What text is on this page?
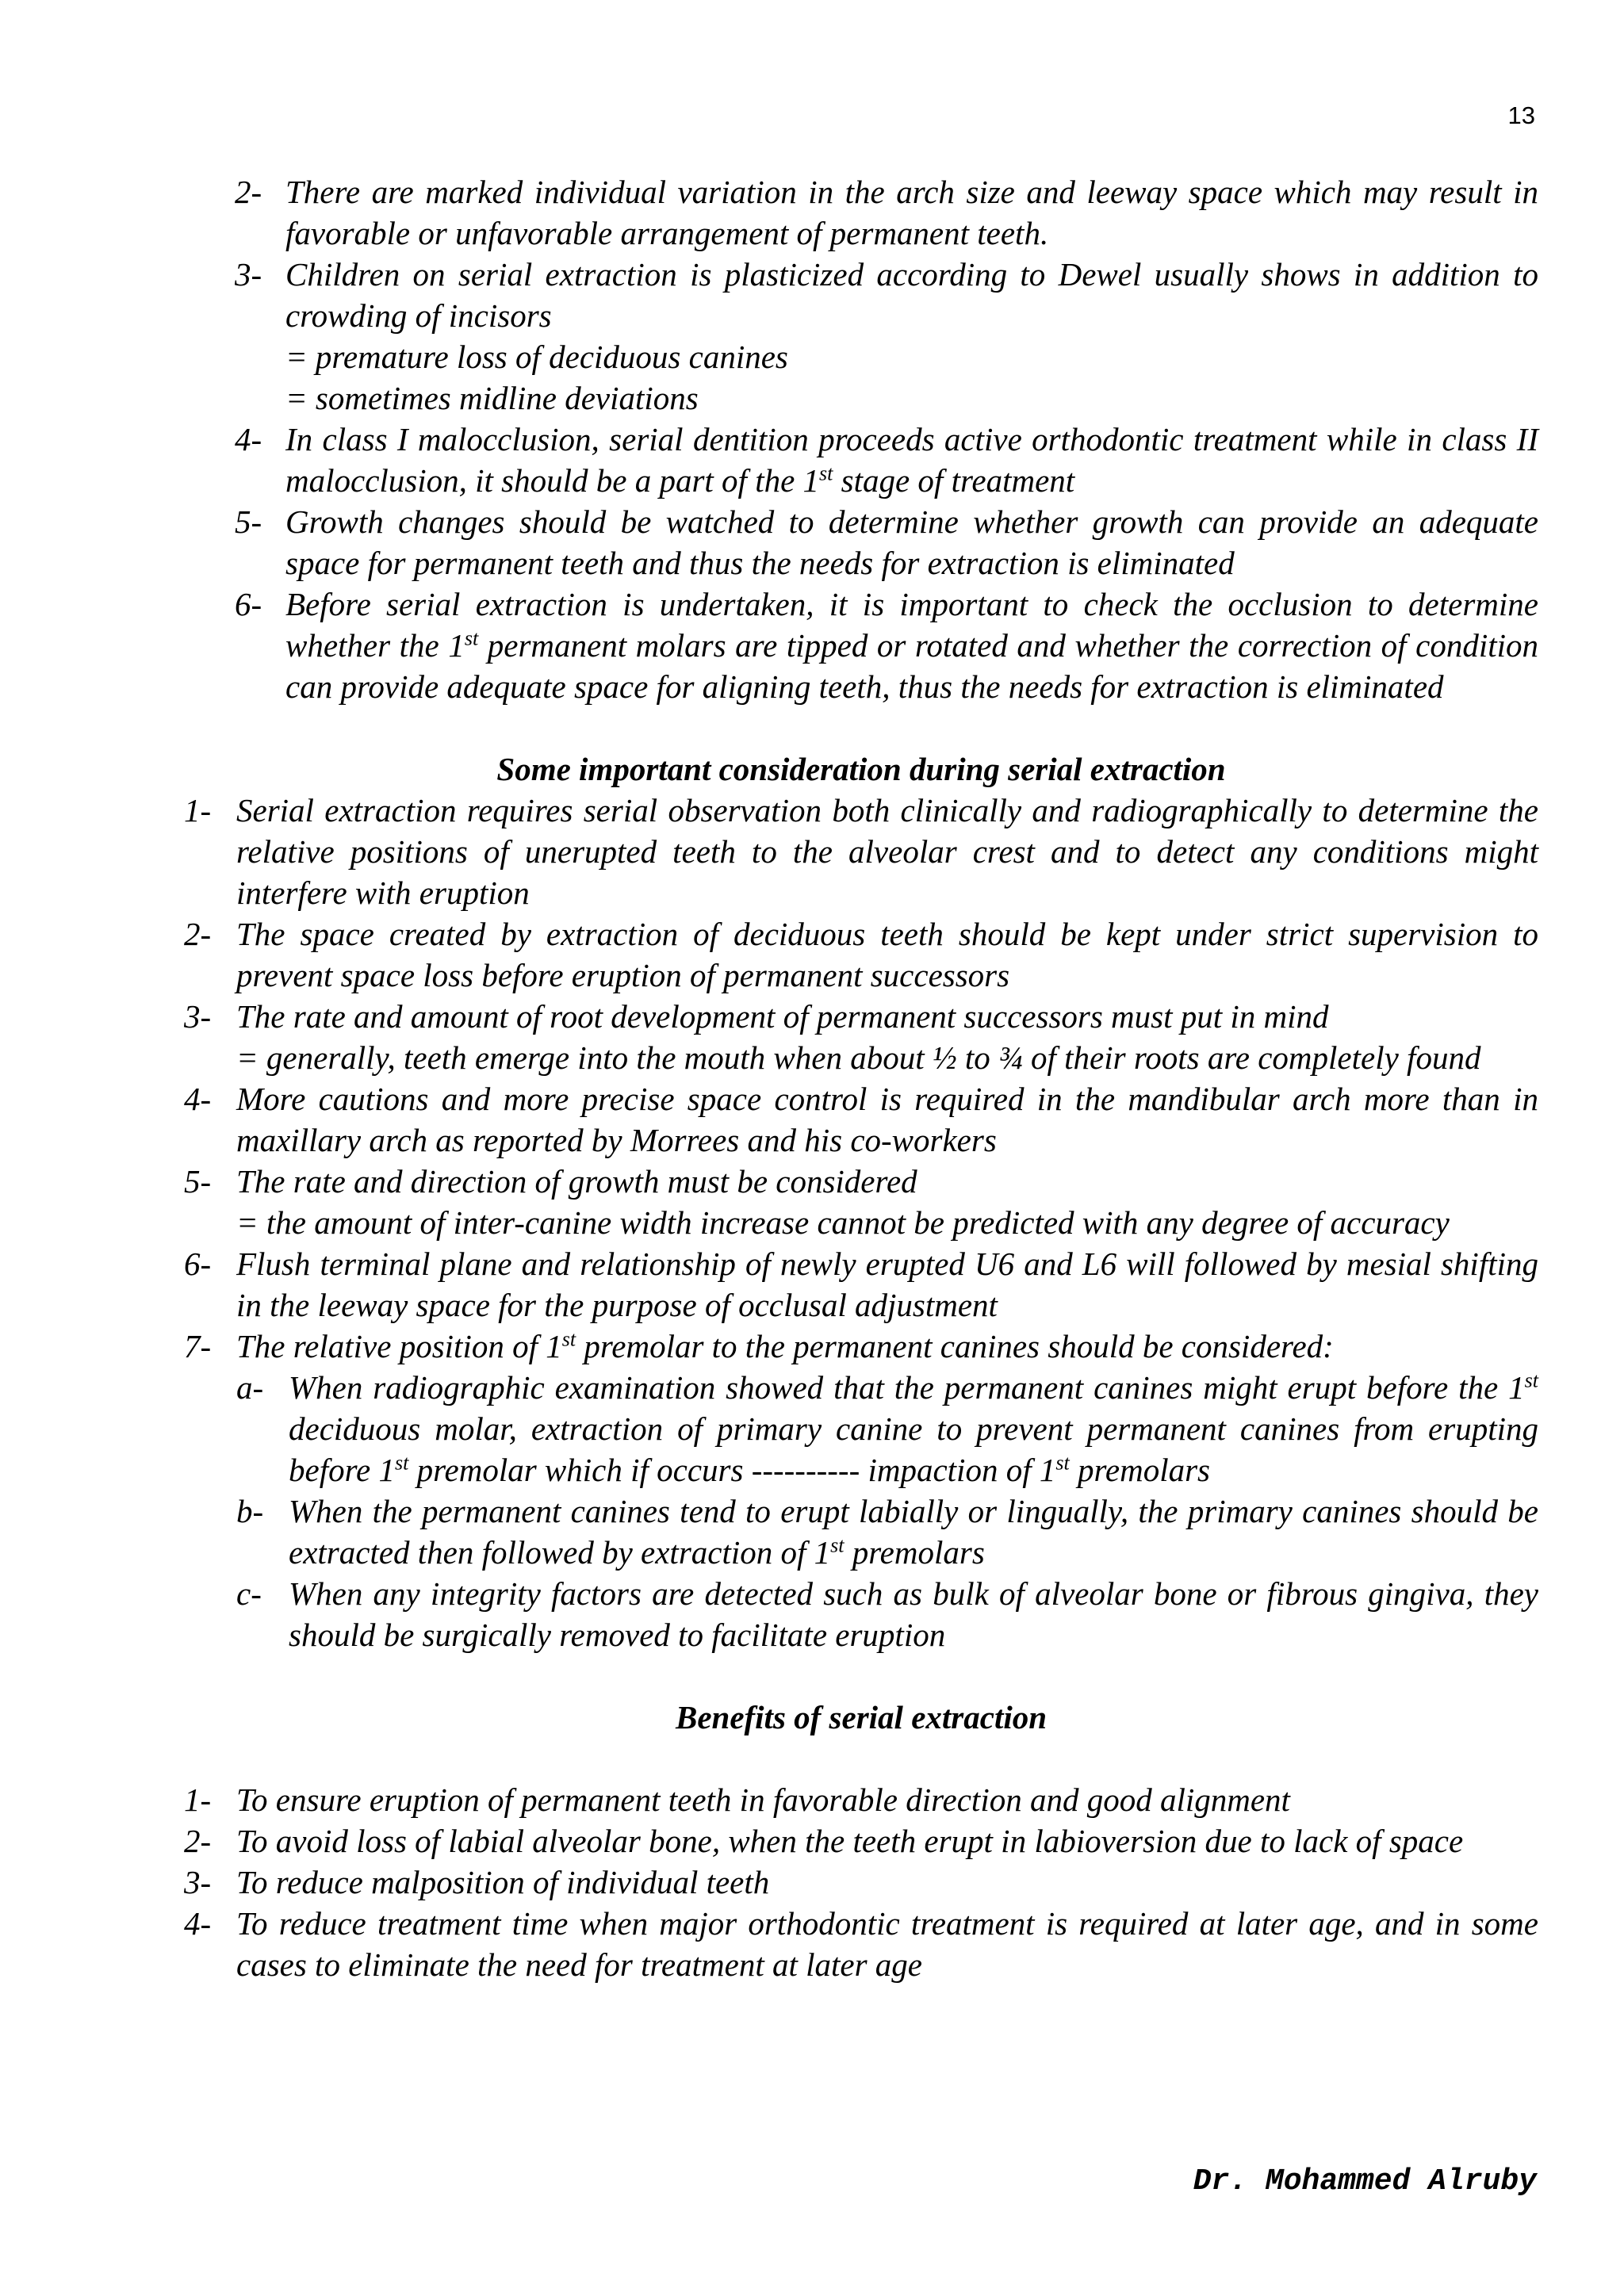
13
2- There are marked individual variation in the arch size and leeway space which may result in favorable or unfavorable arrangement of permanent teeth.
3- Children on serial extraction is plasticized according to Dewel usually shows in addition to crowding of incisors
= premature loss of deciduous canines
= sometimes midline deviations
4- In class I malocclusion, serial dentition proceeds active orthodontic treatment while in class II malocclusion, it should be a part of the 1st stage of treatment
5- Growth changes should be watched to determine whether growth can provide an adequate space for permanent teeth and thus the needs for extraction is eliminated
6- Before serial extraction is undertaken, it is important to check the occlusion to determine whether the 1st permanent molars are tipped or rotated and whether the correction of condition can provide adequate space for aligning teeth, thus the needs for extraction is eliminated

Some important consideration during serial extraction

1- Serial extraction requires serial observation both clinically and radiographically to determine the relative positions of unerupted teeth to the alveolar crest and to detect any conditions might interfere with eruption
2- The space created by extraction of deciduous teeth should be kept under strict supervision to prevent space loss before eruption of permanent successors
3- The rate and amount of root development of permanent successors must put in mind
= generally, teeth emerge into the mouth when about ½ to ¾ of their roots are completely found
4- More cautions and more precise space control is required in the mandibular arch more than in maxillary arch as reported by Morrees and his co-workers
5- The rate and direction of growth must be considered
= the amount of inter-canine width increase cannot be predicted with any degree of accuracy
6- Flush terminal plane and relationship of newly erupted U6 and L6 will followed by mesial shifting in the leeway space for the purpose of occlusal adjustment
7- The relative position of 1st premolar to the permanent canines should be considered:
a- When radiographic examination showed that the permanent canines might erupt before the 1st deciduous molar, extraction of primary canine to prevent permanent canines from erupting before 1st premolar which if occurs ---------- impaction of 1st premolars
b- When the permanent canines tend to erupt labially or lingually, the primary canines should be extracted then followed by extraction of 1st premolars
c- When any integrity factors are detected such as bulk of alveolar bone or fibrous gingiva, they should be surgically removed to facilitate eruption

Benefits of serial extraction

1- To ensure eruption of permanent teeth in favorable direction and good alignment
2- To avoid loss of labial alveolar bone, when the teeth erupt in labioversion due to lack of space
3- To reduce malposition of individual teeth
4- To reduce treatment time when major orthodontic treatment is required at later age, and in some cases to eliminate the need for treatment at later age
Dr. Mohammed Alruby
